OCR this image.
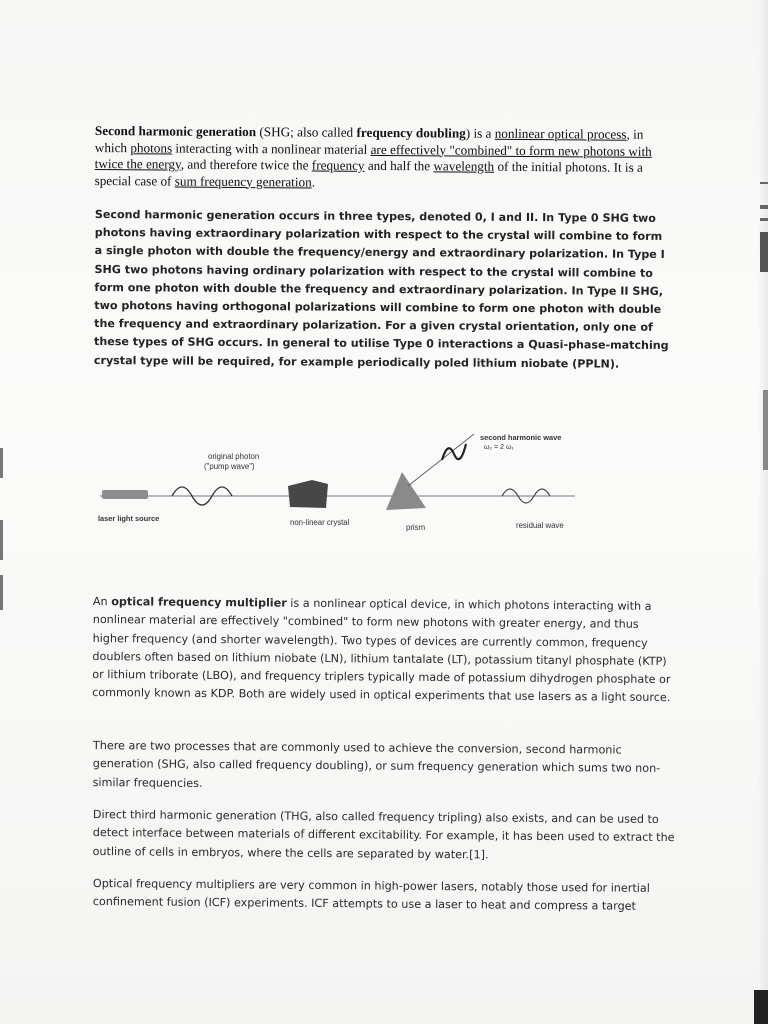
Second harmonic generation (SHG; also called frequency doubling) is a nonlinear optical process, in which photons interacting with a nonlinear material are effectively "combined" to form new photons with twice the energy, and therefore twice the frequency and half the wavelength of the initial photons. It is a special case of sum frequency generation.

Second harmonic generation occurs in three types, denoted 0, I and II. In Type 0 SHG two photons having extraordinary polarization with respect to the crystal will combine to form a single photon with double the frequency/energy and extraordinary polarization. In Type I SHG two photons having ordinary polarization with respect to the crystal will combine to form one photon with double the frequency and extraordinary polarization. In Type II SHG, two photons having orthogonal polarizations will combine to form one photon with double the frequency and extraordinary polarization. For a given crystal orientation, only one of these types of SHG occurs. In general to utilise Type 0 interactions a Quasi-phase-matching crystal type will be required, for example periodically poled lithium niobate (PPLN).

original photon
("pump wave")
laser light source	non-linear crystal
prism
second harmonic wave
ω₂ = 2 ω₁
residual wave

An optical frequency multiplier is a nonlinear optical device, in which photons interacting with a nonlinear material are effectively "combined" to form new photons with greater energy, and thus higher frequency (and shorter wavelength). Two types of devices are currently common, frequency doublers often based on lithium niobate (LN), lithium tantalate (LT), potassium titanyl phosphate (KTP) or lithium triborate (LBO), and frequency triplers typically made of potassium dihydrogen phosphate or commonly known as KDP. Both are widely used in optical experiments that use lasers as a light source.

There are two processes that are commonly used to achieve the conversion, second harmonic generation (SHG, also called frequency doubling), or sum frequency generation which sums two non-similar frequencies.

Direct third harmonic generation (THG, also called frequency tripling) also exists, and can be used to detect interface between materials of different excitability. For example, it has been used to extract the outline of cells in embryos, where the cells are separated by water.[1].

Optical frequency multipliers are very common in high-power lasers, notably those used for inertial confinement fusion (ICF) experiments. ICF attempts to use a laser to heat and compress a target
